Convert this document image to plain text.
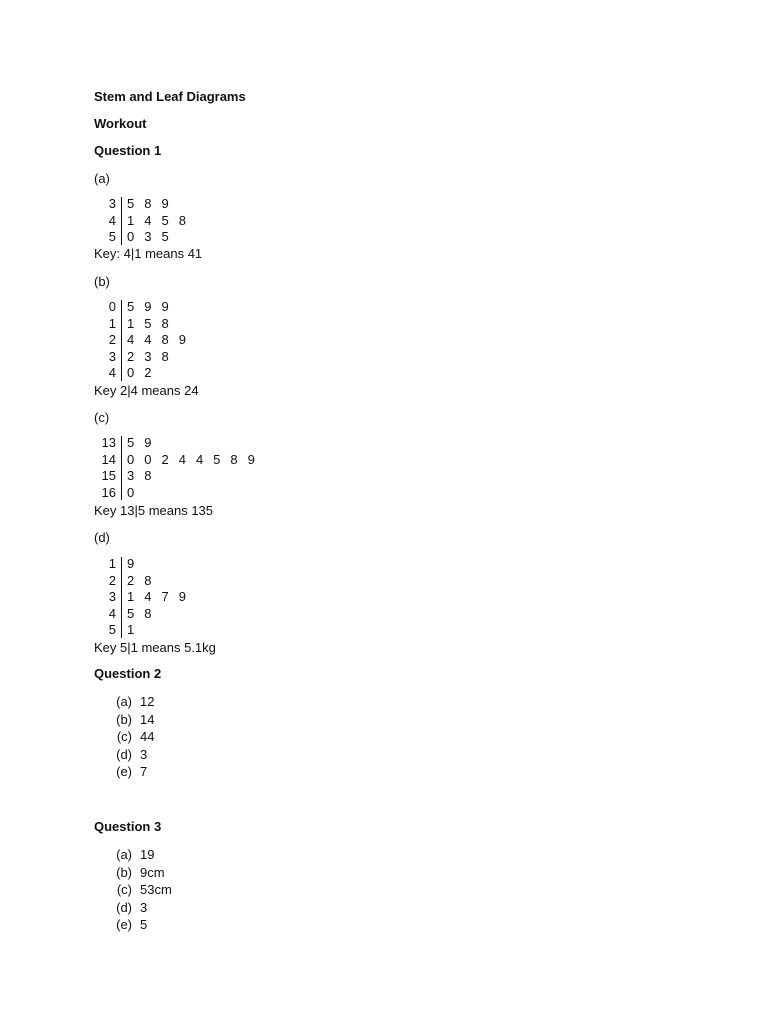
Stem and Leaf Diagrams
Workout
Question 1
(a)
3 5 8 9
4 1 4 5 8
5 0 3 5
Key: 4|1 means 41
(b)
0 5 9 9
1 1 5 8
2 4 4 8 9
3 2 3 8
4 0 2
Key 2|4 means 24
(c)
13 5 9
14 0 0 2 4 4 5 8 9
15 3 8
16 0
Key 13|5 means 135
(d)
1 9
2 2 8
3 1 4 7 9
4 5 8
5 1
Key 5|1 means 5.1kg
Question 2
(a) 12
(b) 14
(c) 44
(d) 3
(e) 7
Question 3
(a) 19
(b) 9cm
(c) 53cm
(d) 3
(e) 5
